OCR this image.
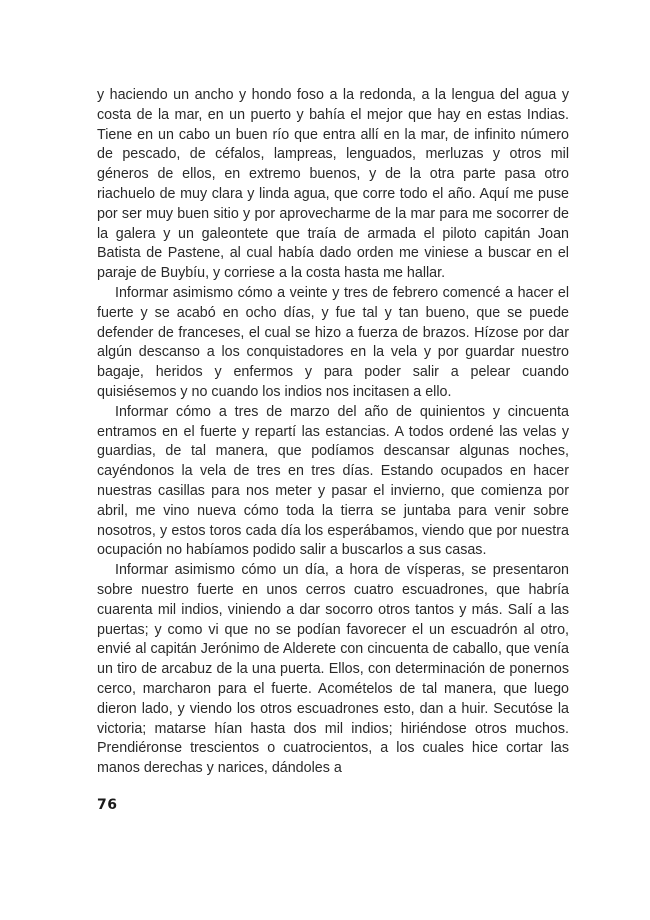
y haciendo un ancho y hondo foso a la redonda, a la lengua del agua y costa de la mar, en un puerto y bahía el mejor que hay en estas Indias. Tiene en un cabo un buen río que entra allí en la mar, de infinito número de pescado, de céfalos, lampreas, lenguados, merluzas y otros mil géneros de ellos, en extremo buenos, y de la otra parte pasa otro riachuelo de muy clara y linda agua, que corre todo el año. Aquí me puse por ser muy buen sitio y por aprovecharme de la mar para me socorrer de la galera y un galeontete que traía de armada el piloto capitán Joan Batista de Pastene, al cual había dado orden me viniese a buscar en el paraje de Buybíu, y corriese a la costa hasta me hallar.

Informar asimismo cómo a veinte y tres de febrero comencé a hacer el fuerte y se acabó en ocho días, y fue tal y tan bueno, que se puede defender de franceses, el cual se hizo a fuerza de brazos. Hízose por dar algún descanso a los conquistadores en la vela y por guardar nuestro bagaje, heridos y enfermos y para poder salir a pelear cuando quisiésemos y no cuando los indios nos incitasen a ello.

Informar cómo a tres de marzo del año de quinientos y cincuenta entramos en el fuerte y repartí las estancias. A todos ordené las velas y guardias, de tal manera, que podíamos descansar algunas noches, cayéndonos la vela de tres en tres días. Estando ocupados en hacer nuestras casillas para nos meter y pasar el invierno, que comienza por abril, me vino nueva cómo toda la tierra se juntaba para venir sobre nosotros, y estos toros cada día los esperábamos, viendo que por nuestra ocupación no habíamos podido salir a buscarlos a sus casas.

Informar asimismo cómo un día, a hora de vísperas, se presentaron sobre nuestro fuerte en unos cerros cuatro escuadrones, que habría cuarenta mil indios, viniendo a dar socorro otros tantos y más. Salí a las puertas; y como vi que no se podían favorecer el un escuadrón al otro, envié al capitán Jerónimo de Alderete con cincuenta de caballo, que venía un tiro de arcabuz de la una puerta. Ellos, con determinación de ponernos cerco, marcharon para el fuerte. Acomételos de tal manera, que luego dieron lado, y viendo los otros escuadrones esto, dan a huir. Secutóse la victoria; matarse hían hasta dos mil indios; hiriéndose otros muchos. Prendiéronse trescientos o cuatrocientos, a los cuales hice cortar las manos derechas y narices, dándoles a

76
